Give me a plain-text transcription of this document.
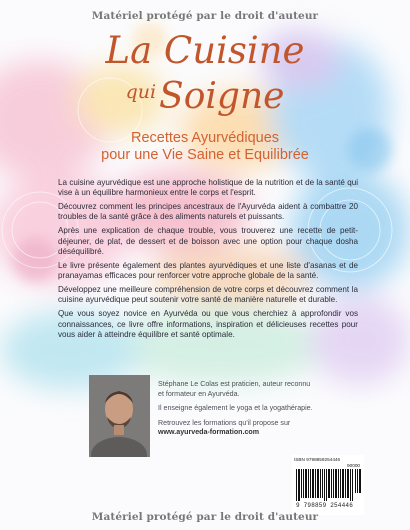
Matériel protégé par le droit d'auteur
La Cuisine
$^{qui}$Soigne
Recettes Ayurvédiques
pour une Vie Saine et Equilibrée

La cuisine ayurvédique est une approche holistique de la nutrition et de la santé qui vise à un équilibre harmonieux entre le corps et l'esprit.

Découvrez comment les principes ancestraux de l'Ayurvéda aident à combattre 20 troubles de la santé grâce à des aliments naturels et puissants.

Après une explication de chaque trouble, vous trouverez une recette de petit-déjeuner, de plat, de dessert et de boisson avec une option pour chaque dosha déséquilibré.

Le livre présente également des plantes ayurvédiques et une liste d'asanas et de pranayamas efficaces pour renforcer votre approche globale de la santé.

Développez une meilleure compréhension de votre corps et découvrez comment la cuisine ayurvédique peut soutenir votre santé de manière naturelle et durable.

Que vous soyez novice en Ayurvéda ou que vous cherchiez à approfondir vos connaissances, ce livre offre informations, inspiration et délicieuses recettes pour vous aider à atteindre équilibre et santé optimale.

Stéphane Le Colas est praticien, auteur reconnu et formateur en Ayurvéda.

Il enseigne également le yoga et la yogathérapie.

Retrouvez les formations qu'il propose sur
www.ayurveda-formation.com

ISBN 9798859254446
90000
9 798859 254446
Matériel protégé par le droit d'auteur
